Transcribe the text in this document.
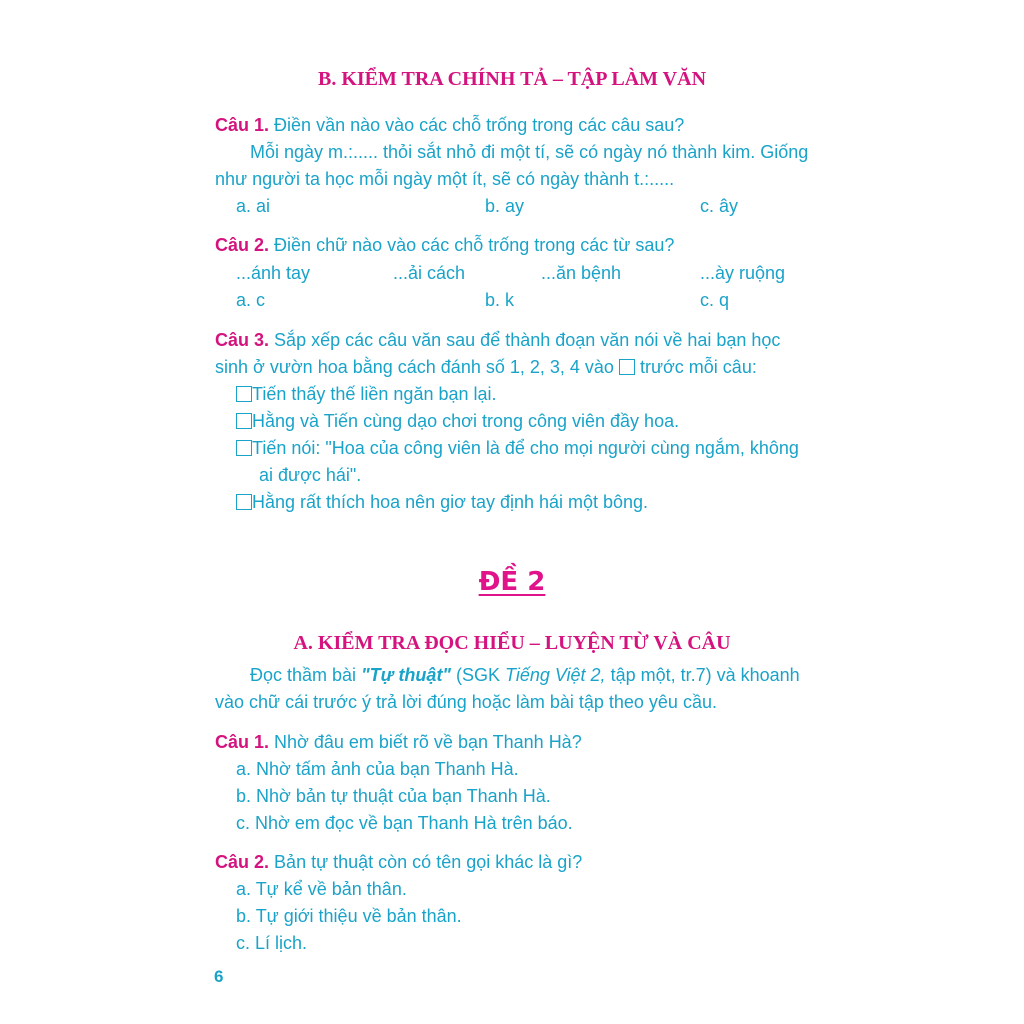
B. KIỂM TRA CHÍNH TẢ – TẬP LÀM VĂN
Câu 1. Điền vần nào vào các chỗ trống trong các câu sau?
Mỗi ngày m.:..... thỏi sắt nhỏ đi một tí, sẽ có ngày nó thành kim. Giống
như người ta học mỗi ngày một ít, sẽ có ngày thành t.:.....
a. ai	b. ay	c. ây
Câu 2. Điền chữ nào vào các chỗ trống trong các từ sau?
...ánh tay	...ải cách	...ăn bệnh	...ày ruộng
a. c	b. k	c. q
Câu 3. Sắp xếp các câu văn sau để thành đoạn văn nói về hai bạn học
sinh ở vườn hoa bằng cách đánh số 1, 2, 3, 4 vào trước mỗi câu:
Tiến thấy thế liền ngăn bạn lại.
Hằng và Tiến cùng dạo chơi trong công viên đầy hoa.
Tiến nói: "Hoa của công viên là để cho mọi người cùng ngắm, không
ai được hái".
Hằng rất thích hoa nên giơ tay định hái một bông.
ĐỀ 2
A. KIỂM TRA ĐỌC HIỂU – LUYỆN TỪ VÀ CÂU
Đọc thầm bài "Tự thuật" (SGK Tiếng Việt 2, tập một, tr.7) và khoanh
vào chữ cái trước ý trả lời đúng hoặc làm bài tập theo yêu cầu.
Câu 1. Nhờ đâu em biết rõ về bạn Thanh Hà?
a. Nhờ tấm ảnh của bạn Thanh Hà.
b. Nhờ bản tự thuật của bạn Thanh Hà.
c. Nhờ em đọc về bạn Thanh Hà trên báo.
Câu 2. Bản tự thuật còn có tên gọi khác là gì?
a. Tự kể về bản thân.
b. Tự giới thiệu về bản thân.
c. Lí lịch.
6
